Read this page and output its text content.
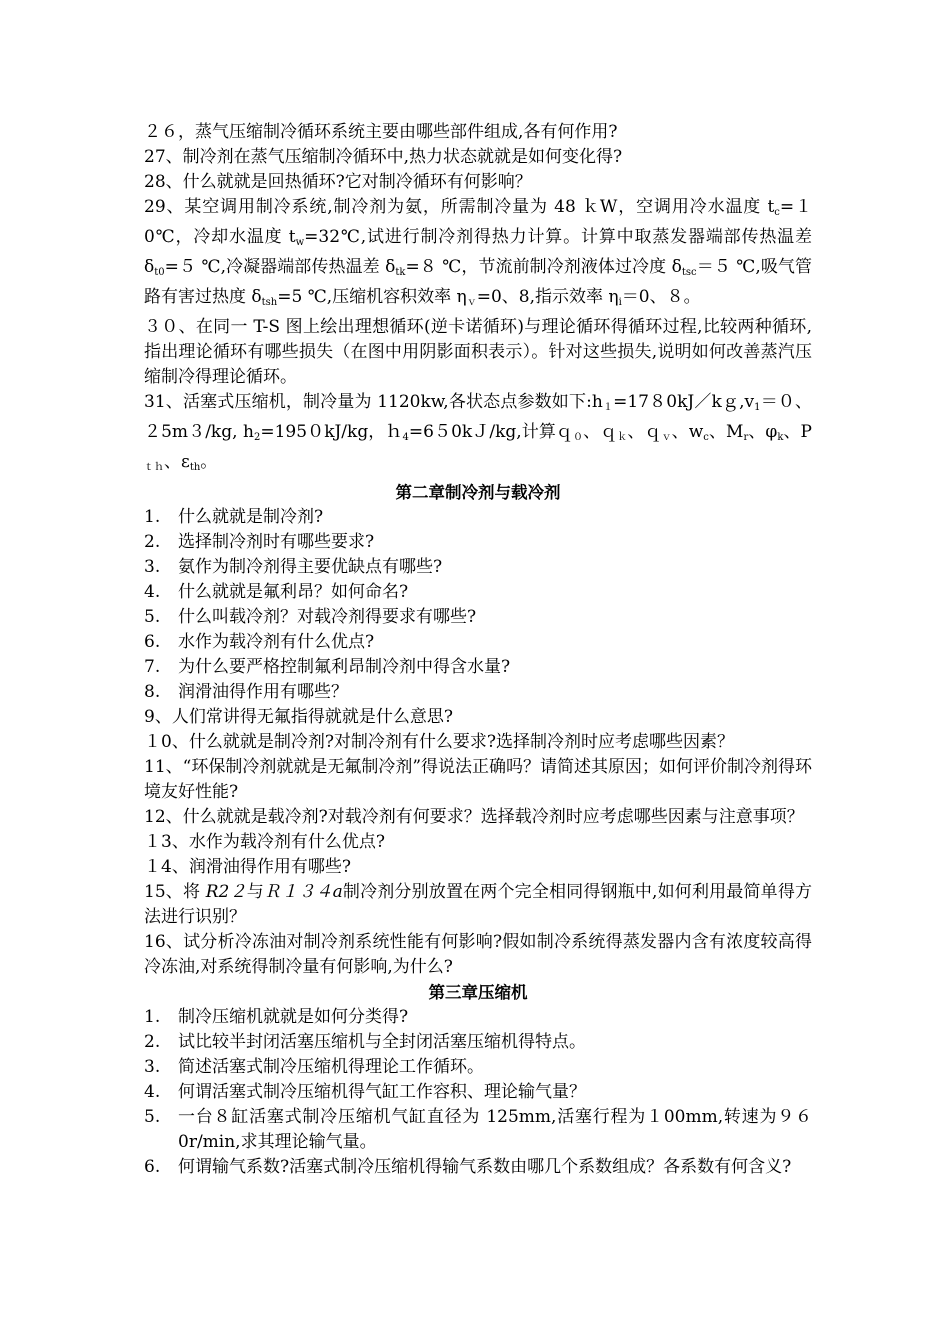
２６，蒸气压缩制冷循环系统主要由哪些部件组成,各有何作用?

27、制冷剂在蒸气压缩制冷循环中,热力状态就就是如何变化得?

28、什么就就是回热循环?它对制冷循环有何影响？

29、某空调用制冷系统,制冷剂为氨，所需制冷量为 48 ｋW，空调用冷水温度 $t_c=10℃$，冷却水温度 $t_w=32℃$,试进行制冷剂得热力计算。计算中取蒸发器端部传热温差 $\delta_{t0}=5$ ℃,冷凝器端部传热温差 $\delta_{tk}=8$ ℃，节流前制冷剂液体过冷度 $\delta_{tsc}=5$ ℃,吸气管路有害过热度 $\delta_{tsh}=5$ ℃,压缩机容积效率 $\eta_v=0$、8,指示效率 $\eta_i=0$、８。

３０、在同一 T-S 图上绘出理想循环(逆卡诺循环)与理论循环得循环过程,比较两种循环,指出理论循环有哪些损失（在图中用阴影面积表示）。针对这些损失,说明如何改善蒸汽压缩制冷得理论循环。

31、活塞式压缩机，制冷量为 1120kw,各状态点参数如下$:h_1=1780kJ/kg,v_1=0$、２5m３/kg, $h_2=1950kJ/kg$，ｈ$_4$=6５0kＪ/kg,计算ｑ$_0$、ｑ$_k$、ｑ$_v$、$w_c$、$M_r$、$\varphi_k$、$P_{th}$、$\varepsilon_{th}$。

第二章制冷剂与载冷剂

1.	什么就就是制冷剂?
2.	选择制冷剂时有哪些要求?
3.	氨作为制冷剂得主要优缺点有哪些?
4.	什么就就是氟利昂？如何命名?
5.	什么叫载冷剂？对载冷剂得要求有哪些?
6.	水作为载冷剂有什么优点?
7.	为什么要严格控制氟利昂制冷剂中得含水量?
8.	润滑油得作用有哪些？

9、人们常讲得无氟指得就就是什么意思?

１0、什么就就是制冷剂?对制冷剂有什么要求?选择制冷剂时应考虑哪些因素？

11、“环保制冷剂就就是无氟制冷剂”得说法正确吗？请简述其原因；如何评价制冷剂得环境友好性能?

12、什么就就是载冷剂?对载冷剂有何要求？选择载冷剂时应考虑哪些因素与注意事项？

１3、水作为载冷剂有什么优点?

１4、润滑油得作用有哪些?

15、将 R2２与Ｒ１３４a制冷剂分别放置在两个完全相同得钢瓶中,如何利用最简单得方法进行识别？

16、试分析冷冻油对制冷剂系统性能有何影响?假如制冷系统得蒸发器内含有浓度较高得冷冻油,对系统得制冷量有何影响,为什么?

第三章压缩机

1.	制冷压缩机就就是如何分类得?
2.	试比较半封闭活塞压缩机与全封闭活塞压缩机得特点。
3.	简述活塞式制冷压缩机得理论工作循环。
4.	何谓活塞式制冷压缩机得气缸工作容积、理论输气量？
5.	一台８缸活塞式制冷压缩机气缸直径为 125mm,活塞行程为１00mm,转速为９６0r/min,求其理论输气量。
6.	何谓输气系数?活塞式制冷压缩机得输气系数由哪几个系数组成？各系数有何含义?
